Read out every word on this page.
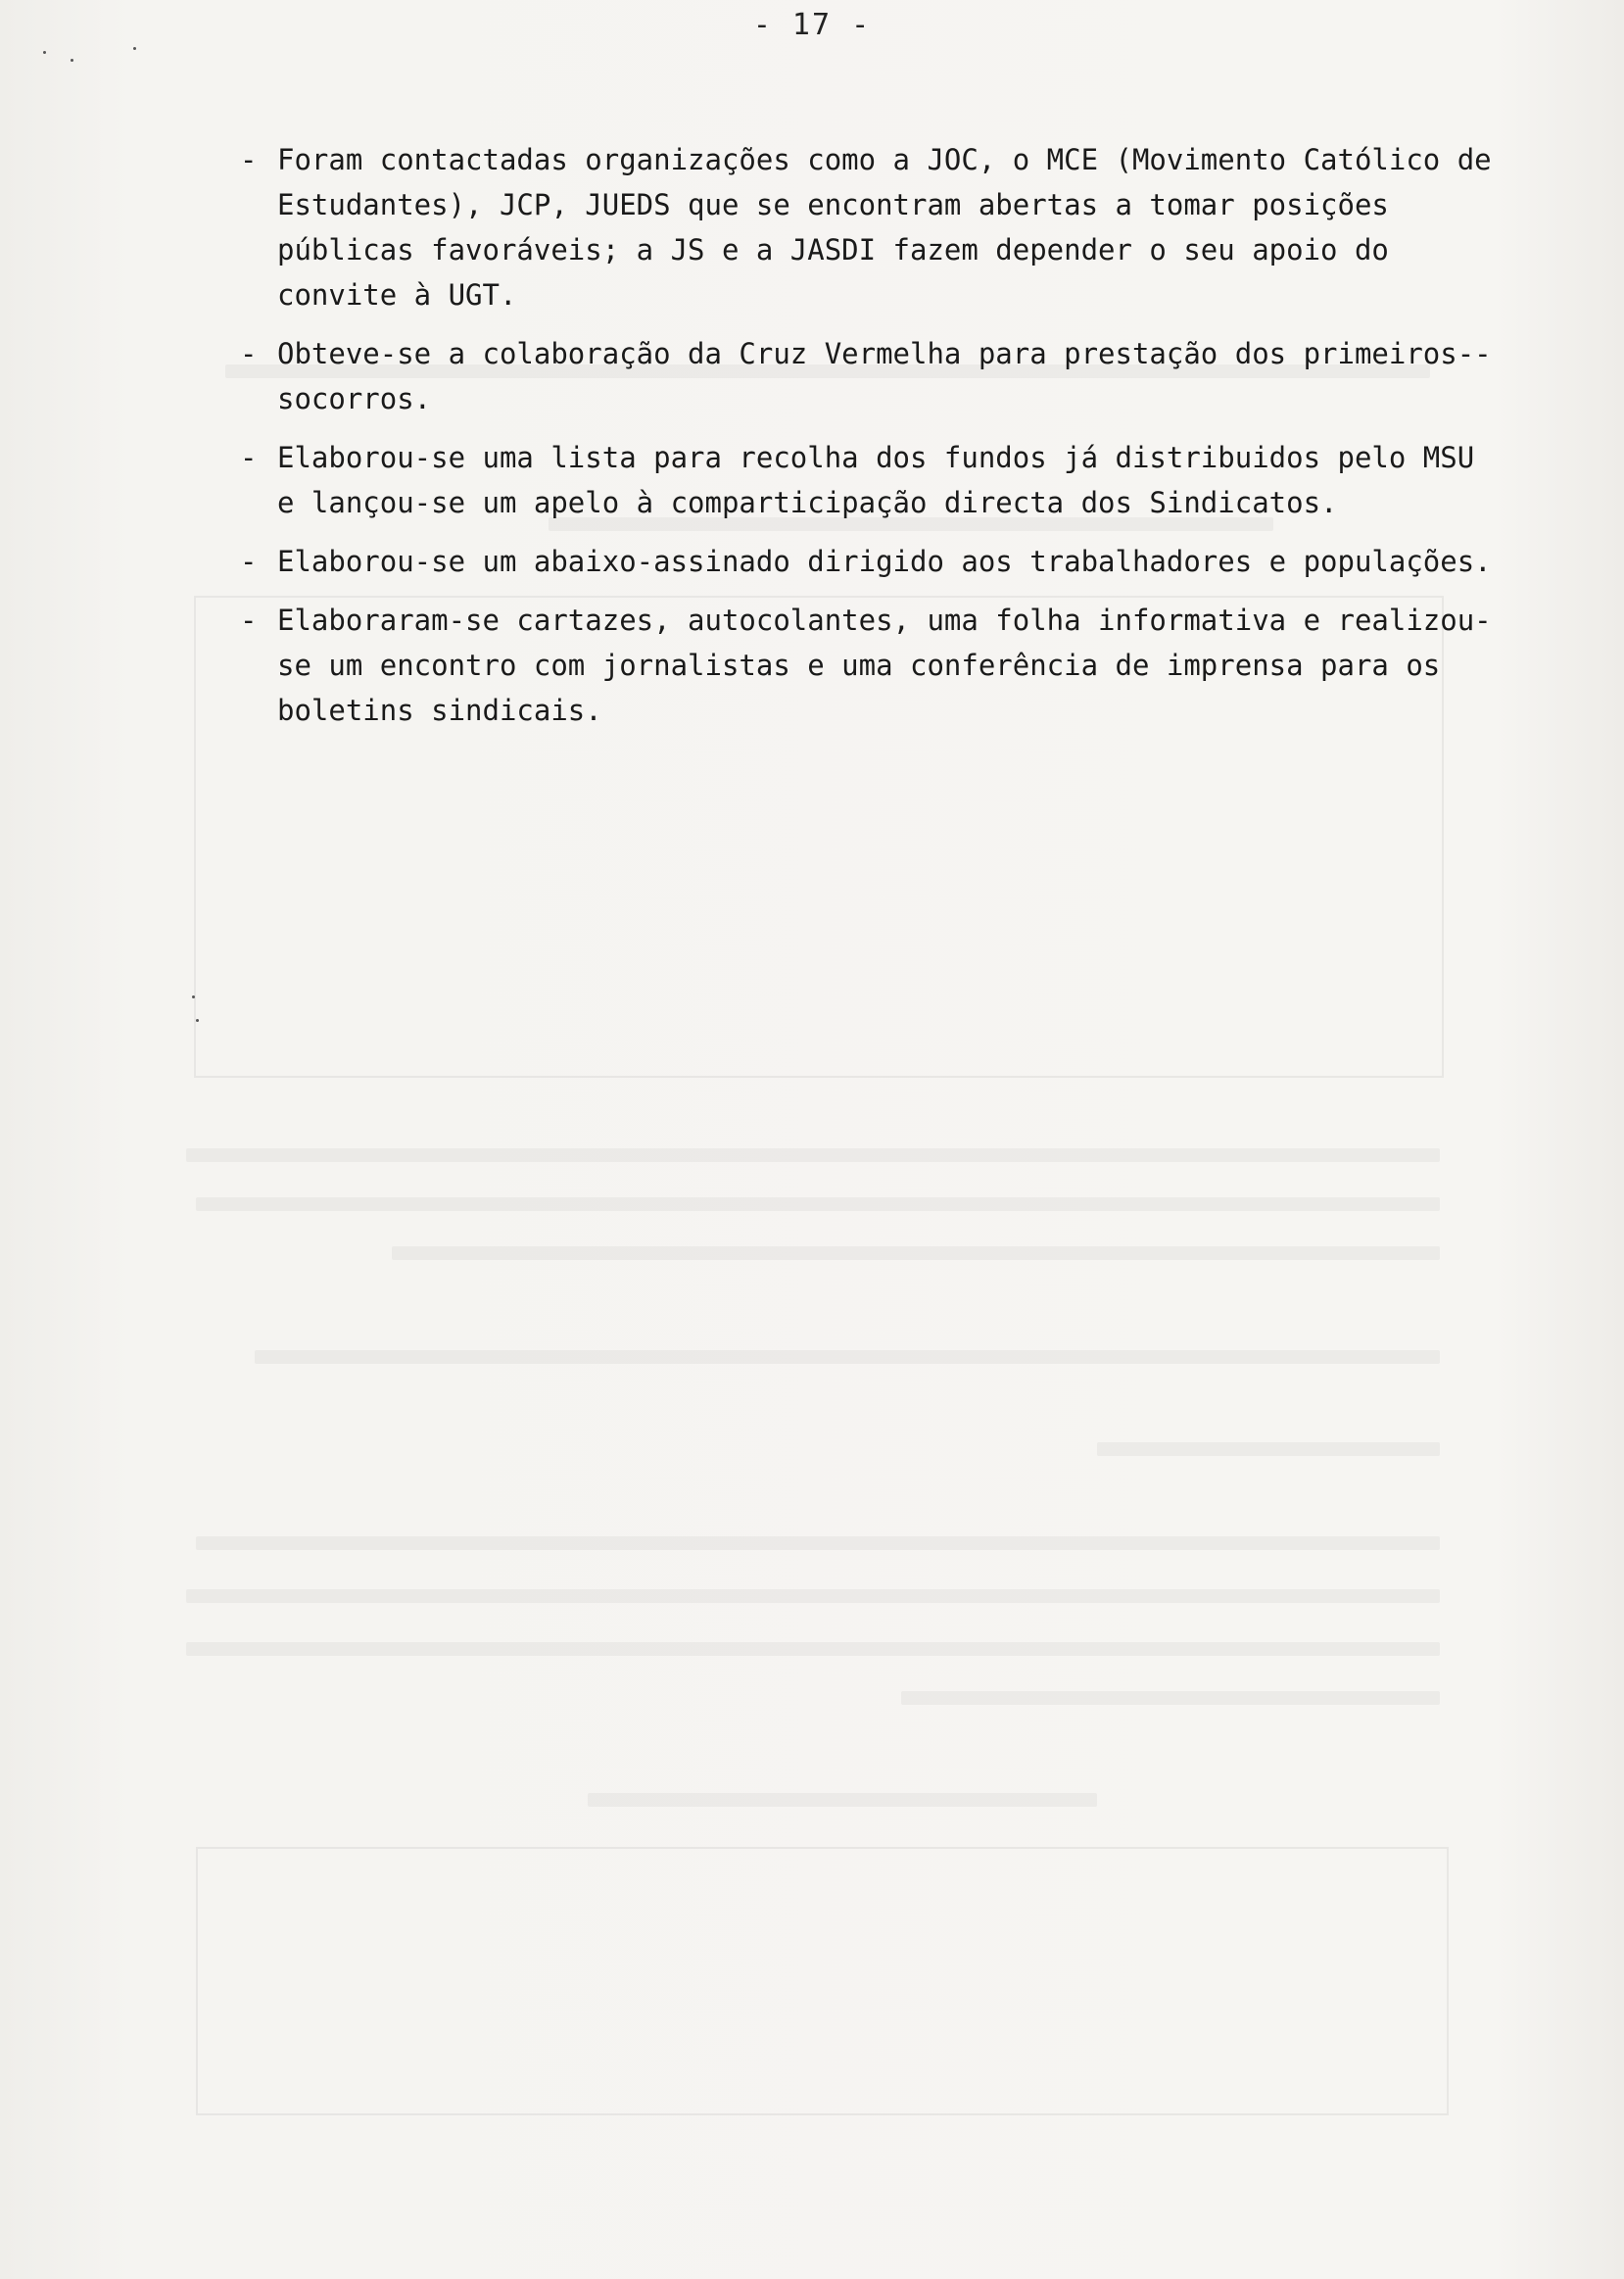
- 17 -
- Foram contactadas organizações como a JOC, o MCE (Movimento Católico de Estudantes), JCP, JUEDS que se encontram abertas a tomar posições públicas favoráveis; a JS e a JASDI fazem depender o seu apoio do convite à UGT.
- Obteve-se a colaboração da Cruz Vermelha para prestação dos primeiros--socorros.
- Elaborou-se uma lista para recolha dos fundos já distribuidos pelo MSU e lançou-se um apelo à comparticipação directa dos Sindicatos.
- Elaborou-se um abaixo-assinado dirigido aos trabalhadores e populações.
- Elaboraram-se cartazes, autocolantes, uma folha informativa e realizou-se um encontro com jornalistas e uma conferência de imprensa para os boletins sindicais.
